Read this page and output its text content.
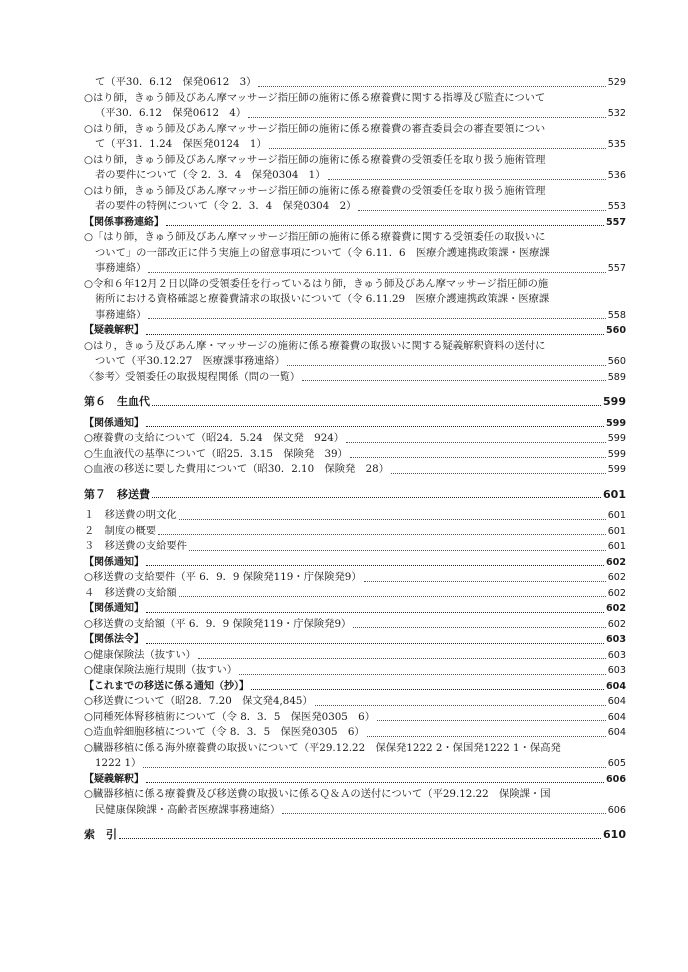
て（平30．6.12　保発0612　3）	529
○はり師，きゅう師及びあん摩マッサージ指圧師の施術に係る療養費に関する指導及び監査について
（平30．6.12　保発0612　4）	532
○はり師，きゅう師及びあん摩マッサージ指圧師の施術に係る療養費の審査委員会の審査要領につい
て（平31．1.24　保医発0124　1）	535
○はり師，きゅう師及びあん摩マッサージ指圧師の施術に係る療養費の受領委任を取り扱う施術管理
者の要件について（令 2．3．4　保発0304　1）	536
○はり師，きゅう師及びあん摩マッサージ指圧師の施術に係る療養費の受領委任を取り扱う施術管理
者の要件の特例について（令 2．3．4　保発0304　2）	553
【関係事務連絡】	557
○「はり師，きゅう師及びあん摩マッサージ指圧師の施術に係る療養費に関する受領委任の取扱いに
ついて」の一部改正に伴う実施上の留意事項について（令 6.11．6　医療介護連携政策課・医療課
事務連絡）	557
○令和６年12月２日以降の受領委任を行っているはり師，きゅう師及びあん摩マッサージ指圧師の施
術所における資格確認と療養費請求の取扱いについて（令 6.11.29　医療介護連携政策課・医療課
事務連絡）	558
【疑義解釈】	560
○はり，きゅう及びあん摩・マッサージの施術に係る療養費の取扱いに関する疑義解釈資料の送付に
ついて（平30.12.27　医療課事務連絡）	560
〈参考〉受領委任の取扱規程関係（問の一覧）	589
第６　生血代	599
【関係通知】	599
○療養費の支給について（昭24．5.24　保文発　924）	599
○生血液代の基準について（昭25．3.15　保険発　39）	599
○血液の移送に要した費用について（昭30．2.10　保険発　28）	599
第７　移送費	601
１　移送費の明文化	601
２　制度の概要	601
３　移送費の支給要件	601
【関係通知】	602
○移送費の支給要件（平 6．9．9 保険発119・庁保険発9）	602
４　移送費の支給額	602
【関係通知】	602
○移送費の支給額（平 6．9．9 保険発119・庁保険発9）	602
【関係法令】	603
○健康保険法（抜すい）	603
○健康保険法施行規則（抜すい）	603
【これまでの移送に係る通知（抄）】	604
○移送費について（昭28．7.20　保文発4,845）	604
○同種死体腎移植術について（令 8．3．5　保医発0305　6）	604
○造血幹細胞移植について（令 8．3．5　保医発0305　6）	604
○臓器移植に係る海外療養費の取扱いについて（平29.12.22　保保発1222 2・保国発1222 1・保高発
1222 1）	605
【疑義解釈】	606
○臓器移植に係る療養費及び移送費の取扱いに係るＱ＆Ａの送付について（平29.12.22　保険課・国
民健康保険課・高齢者医療課事務連絡）	606
索　引	610
